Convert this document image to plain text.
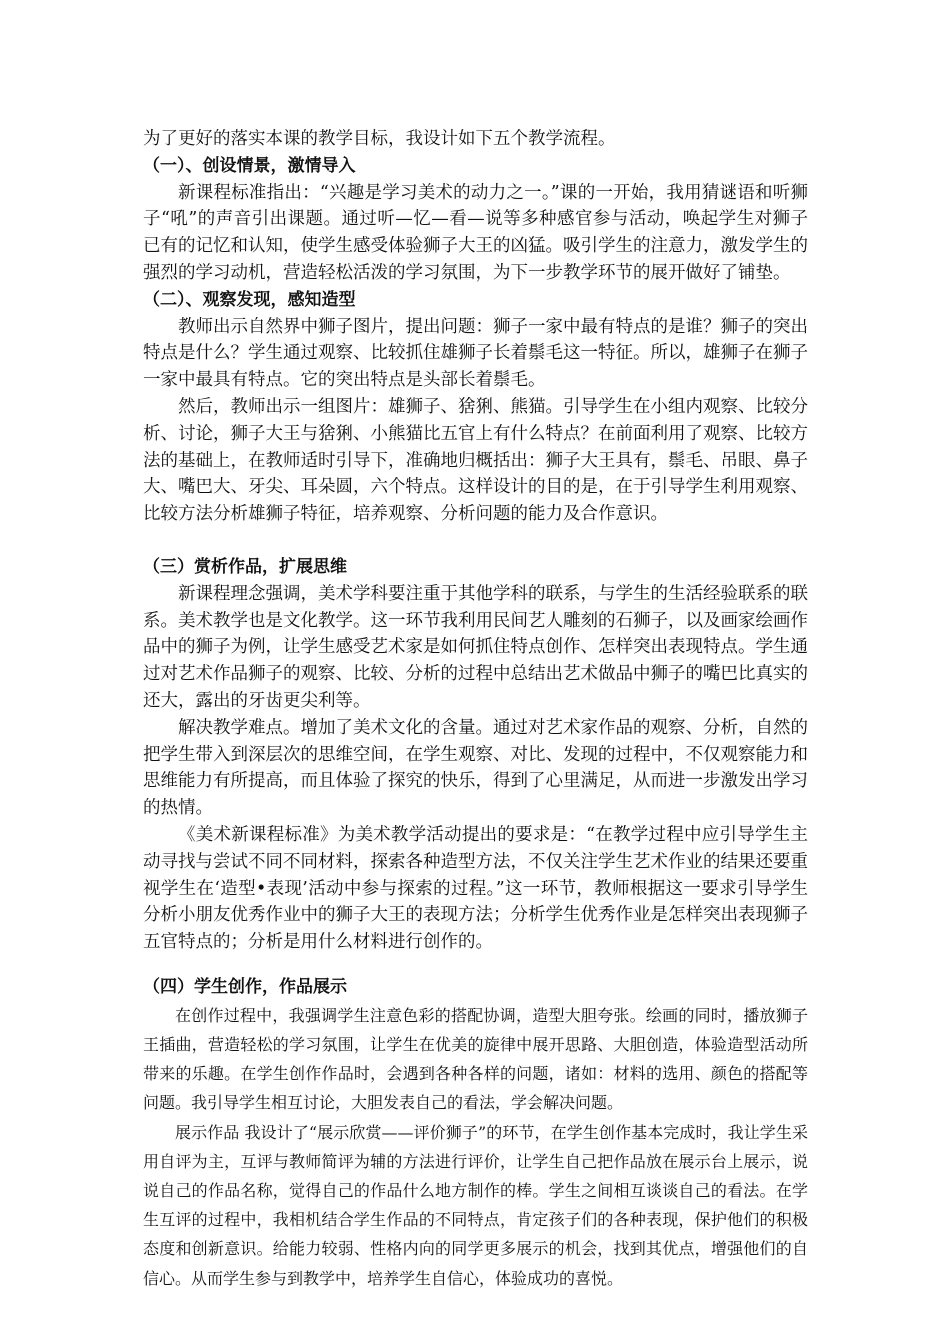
为了更好的落实本课的教学目标，我设计如下五个教学流程。

（一）、创设情景，激情导入

新课程标准指出：“兴趣是学习美术的动力之一。”课的一开始，我用猜谜语和听狮子“吼”的声音引出课题。通过听—忆—看—说等多种感官参与活动，唤起学生对狮子已有的记忆和认知，使学生感受体验狮子大王的凶猛。吸引学生的注意力，激发学生的强烈的学习动机，营造轻松活泼的学习氛围，为下一步教学环节的展开做好了铺垫。

（二）、观察发现，感知造型

教师出示自然界中狮子图片，提出问题：狮子一家中最有特点的是谁？狮子的突出特点是什么？学生通过观察、比较抓住雄狮子长着鬃毛这一特征。所以，雄狮子在狮子一家中最具有特点。它的突出特点是头部长着鬃毛。

然后，教师出示一组图片：雄狮子、猞猁、熊猫。引导学生在小组内观察、比较分析、讨论，狮子大王与猞猁、小熊猫比五官上有什么特点？在前面利用了观察、比较方法的基础上，在教师适时引导下，准确地归概括出：狮子大王具有，鬃毛、吊眼、鼻子大、嘴巴大、牙尖、耳朵圆，六个特点。这样设计的目的是，在于引导学生利用观察、比较方法分析雄狮子特征，培养观察、分析问题的能力及合作意识。

（三）赏析作品，扩展思维

新课程理念强调，美术学科要注重于其他学科的联系，与学生的生活经验联系的联系。美术教学也是文化教学。这一环节我利用民间艺人雕刻的石狮子，以及画家绘画作品中的狮子为例，让学生感受艺术家是如何抓住特点创作、怎样突出表现特点。学生通过对艺术作品狮子的观察、比较、分析的过程中总结出艺术做品中狮子的嘴巴比真实的还大，露出的牙齿更尖利等。

解决教学难点。增加了美术文化的含量。通过对艺术家作品的观察、分析，自然的把学生带入到深层次的思维空间，在学生观察、对比、发现的过程中，不仅观察能力和思维能力有所提高，而且体验了探究的快乐，得到了心里满足，从而进一步激发出学习的热情。

《美术新课程标准》为美术教学活动提出的要求是：“在教学过程中应引导学生主动寻找与尝试不同不同材料，探索各种造型方法，不仅关注学生艺术作业的结果还要重视学生在‘造型•表现’活动中参与探索的过程。”这一环节，教师根据这一要求引导学生分析小朋友优秀作业中的狮子大王的表现方法；分析学生优秀作业是怎样突出表现狮子五官特点的；分析是用什么材料进行创作的。

（四）学生创作，作品展示

在创作过程中，我强调学生注意色彩的搭配协调，造型大胆夸张。绘画的同时，播放狮子王插曲，营造轻松的学习氛围，让学生在优美的旋律中展开思路、大胆创造，体验造型活动所带来的乐趣。在学生创作作品时，会遇到各种各样的问题，诸如：材料的选用、颜色的搭配等问题。我引导学生相互讨论，大胆发表自己的看法，学会解决问题。

展示作品 我设计了“展示欣赏——评价狮子”的环节，在学生创作基本完成时，我让学生采用自评为主，互评与教师简评为辅的方法进行评价，让学生自己把作品放在展示台上展示，说说自己的作品名称，觉得自己的作品什么地方制作的棒。学生之间相互谈谈自己的看法。在学生互评的过程中，我相机结合学生作品的不同特点，肯定孩子们的各种表现，保护他们的积极态度和创新意识。给能力较弱、性格内向的同学更多展示的机会，找到其优点，增强他们的自信心。从而学生参与到教学中，培养学生自信心，体验成功的喜悦。
